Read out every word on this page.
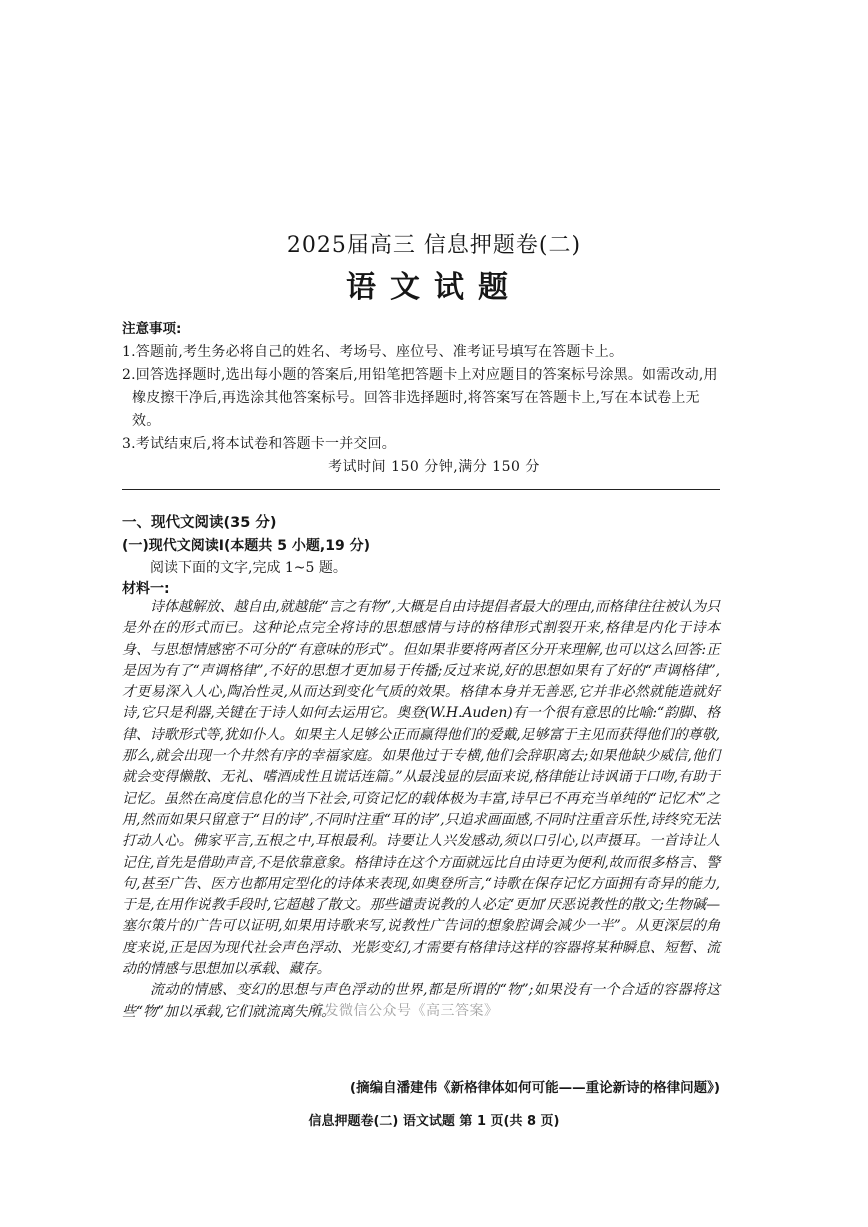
2025届高三 信息押题卷(二)
语文试题
注意事项:
1.答题前,考生务必将自己的姓名、考场号、座位号、准考证号填写在答题卡上。
2.回答选择题时,选出每小题的答案后,用铅笔把答题卡上对应题目的答案标号涂黑。如需改动,用橡皮擦干净后,再选涂其他答案标号。回答非选择题时,将答案写在答题卡上,写在本试卷上无效。
3.考试结束后,将本试卷和答题卡一并交回。
考试时间 150 分钟,满分 150 分
一、现代文阅读(35 分)
(一)现代文阅读Ⅰ(本题共 5 小题,19 分)
阅读下面的文字,完成 1~5 题。
材料一:

诗体越解放、越自由,就越能“言之有物”,大概是自由诗提倡者最大的理由,而格律往往被认为只是外在的形式而已。这种论点完全将诗的思想感情与诗的格律形式割裂开来,格律是内化于诗本身、与思想情感密不可分的“有意味的形式”。但如果非要将两者区分开来理解,也可以这么回答:正是因为有了“声调格律”,不好的思想才更加易于传播;反过来说,好的思想如果有了好的“声调格律”,才更易深入人心,陶冶性灵,从而达到变化气质的效果。格律本身并无善恶,它并非必然就能造就好诗,它只是利器,关键在于诗人如何去运用它。奥登(W.H.Auden)有一个很有意思的比喻:“韵脚、格律、诗歌形式等,犹如仆人。如果主人足够公正而赢得他们的爱戴,足够富于主见而获得他们的尊敬,那么,就会出现一个井然有序的幸福家庭。如果他过于专横,他们会辞职离去;如果他缺少威信,他们就会变得懒散、无礼、嗜酒成性且谎话连篇。”从最浅显的层面来说,格律能让诗讽诵于口吻,有助于记忆。虽然在高度信息化的当下社会,可资记忆的载体极为丰富,诗早已不再充当单纯的“记忆术”之用,然而如果只留意于“目的诗”,不同时注重“耳的诗”,只追求画面感,不同时注重音乐性,诗终究无法打动人心。佛家平言,五根之中,耳根最利。诗要让人兴发感动,须以口引心,以声摄耳。一首诗让人记住,首先是借助声音,不是依靠意象。格律诗在这个方面就远比自由诗更为便利,故而很多格言、警句,甚至广告、医方也都用定型化的诗体来表现,如奥登所言,“诗歌在保存记忆方面拥有奇异的能力,于是,在用作说教手段时,它超越了散文。那些谴责说教的人必定‘更加’厌恶说教性的散文;生物碱—塞尔策片的广告可以证明,如果用诗歌来写,说教性广告词的想象腔调会减少一半”。从更深层的角度来说,正是因为现代社会声色浮动、光影变幻,才需要有格律诗这样的容器将某种瞬息、短暂、流动的情感与思想加以承载、藏存。

流动的情感、变幻的思想与声色浮动的世界,都是所谓的“物”;如果没有一个合适的容器将这些“物”加以承载,它们就流离失所。

(摘编自潘建伟《新格律体如何可能——重论新诗的格律问题》)
首发微信公众号《高三答案》
信息押题卷(二) 语文试题 第 1 页(共 8 页)
